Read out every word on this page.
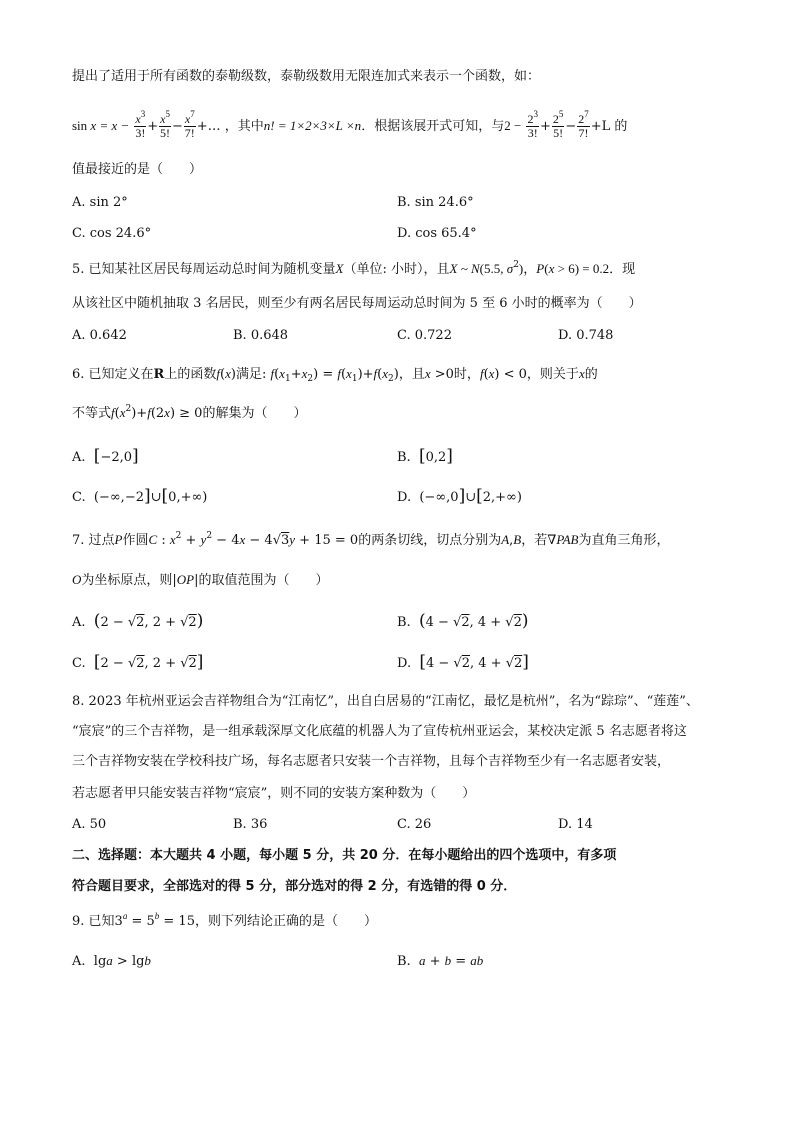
提出了适用于所有函数的泰勒级数，泰勒级数用无限连加式来表示一个函数，如：
$\sin x = x - \frac{x^3}{3!} + \frac{x^5}{5!} - \frac{x^7}{7!}$ +… ，其中n! = 1×2×3×L ×n．根据该展开式可知，与$2 - \frac{2^3}{3!} + \frac{2^5}{5!} - \frac{2^7}{7!} +L$ 的
值最接近的是（　　）
A. sin 2°	B. sin 24.6°
C. cos 24.6°	D. cos 65.4°
5. 已知某社区居民每周运动总时间为随机变量X（单位: 小时），且X ~ N(5.5, $\sigma^2$)，P(x > 6) = 0.2．现
从该社区中随机抽取 3 名居民，则至少有两名居民每周运动总时间为 5 至 6 小时的概率为（　　）
A. 0.642	B. 0.648	C. 0.722	D. 0.748
6. 已知定义在R上的函数f(x)满足: $f(x_1+x_2) = f(x_1)+f(x_2)$，且x >0时，f(x) < 0，则关于x的
不等式$f(x^2)+f(2x) \ge 0$的解集为（　　）
A. [−2,0]	B. [0,2]
C.  (−∞,−2]∪[0,+∞)	D.  (−∞,0]∪[2,+∞)
7. 过点P作圆C : $x^2 + y^2 - 4x - 4√3y + 15 = 0$的两条切线，切点分别为A,B，若∇PAB为直角三角形，
O为坐标原点，则|OP|的取值范围为（　　）
A. (2 − √2, 2 + √2)	B. (4 − √2, 4 + √2)
C. [2 − √2, 2 + √2]	D. [4 − √2, 4 + √2]
8. 2023 年杭州亚运会吉祥物组合为“江南忆”，出自白居易的“江南忆，最忆是杭州”，名为“踪琮”、“莲莲”、
“宸宸”的三个吉祥物，是一组承载深厚文化底蕴的机器人为了宣传杭州亚运会，某校决定派 5 名志愿者将这
三个吉祥物安装在学校科技广场，每名志愿者只安装一个吉祥物，且每个吉祥物至少有一名志愿者安装，
若志愿者甲只能安装吉祥物“宸宸”，则不同的安装方案种数为（　　）
A. 50	B. 36	C. 26	D. 14
二、选择题：本大题共 4 小题，每小题 5 分，共 20 分．在每小题给出的四个选项中，有多项
符合题目要求，全部选对的得 5 分，部分选对的得 2 分，有选错的得 0 分．
9. 已知$3^a = 5^b = 15$，则下列结论正确的是（　　）
A.  lga > lgb	B. a + b = ab
